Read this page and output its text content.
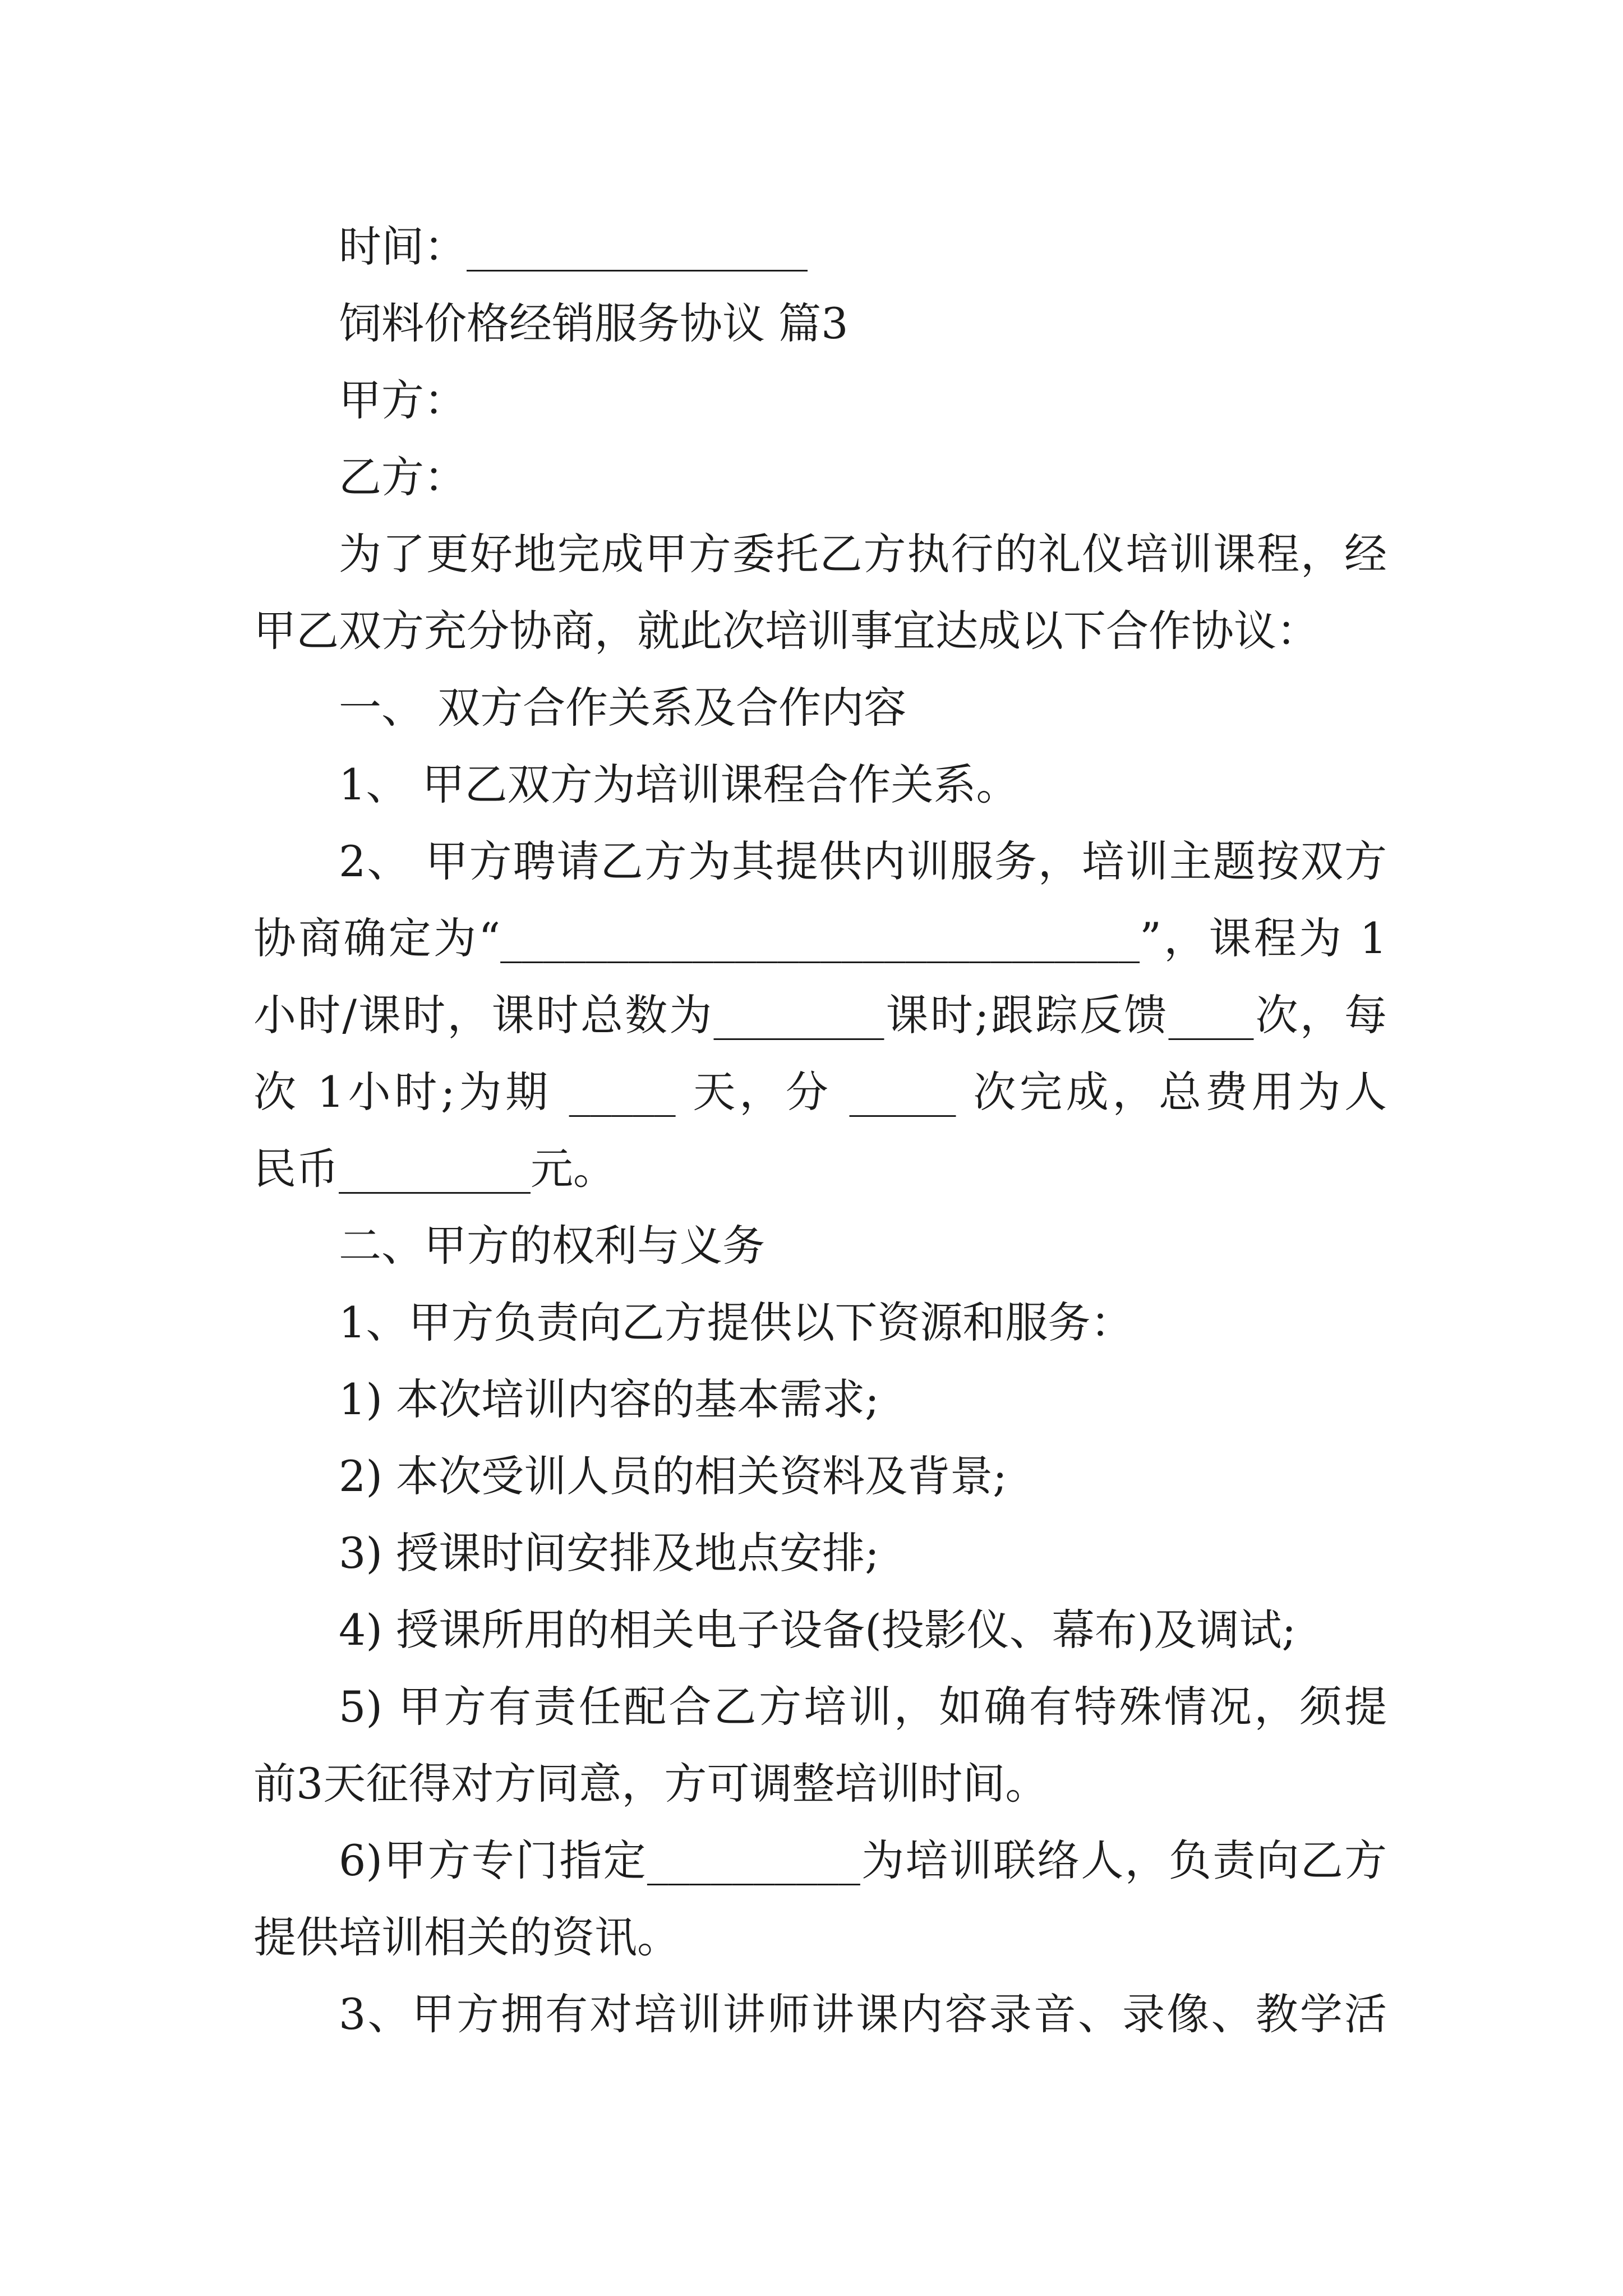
时间：________________
饲料价格经销服务协议 篇3
甲方：
乙方：
为了更好地完成甲方委托乙方执行的礼仪培训课程，经
甲乙双方充分协商，就此次培训事宜达成以下合作协议：
一、 双方合作关系及合作内容
1、 甲乙双方为培训课程合作关系。
2、 甲方聘请乙方为其提供内训服务，培训主题按双方
协商确定为“______________________________”，课程为 1
小时/课时，课时总数为________课时;跟踪反馈____次，每
次 1小时;为期 _____ 天，分 _____ 次完成，总费用为人
民币_________元。
二、甲方的权利与义务
1、甲方负责向乙方提供以下资源和服务：
1) 本次培训内容的基本需求;
2) 本次受训人员的相关资料及背景;
3) 授课时间安排及地点安排;
4) 授课所用的相关电子设备(投影仪、幕布)及调试;
5) 甲方有责任配合乙方培训，如确有特殊情况，须提
前3天征得对方同意，方可调整培训时间。
6)甲方专门指定__________为培训联络人，负责向乙方
提供培训相关的资讯。
3、甲方拥有对培训讲师讲课内容录音、录像、教学活
